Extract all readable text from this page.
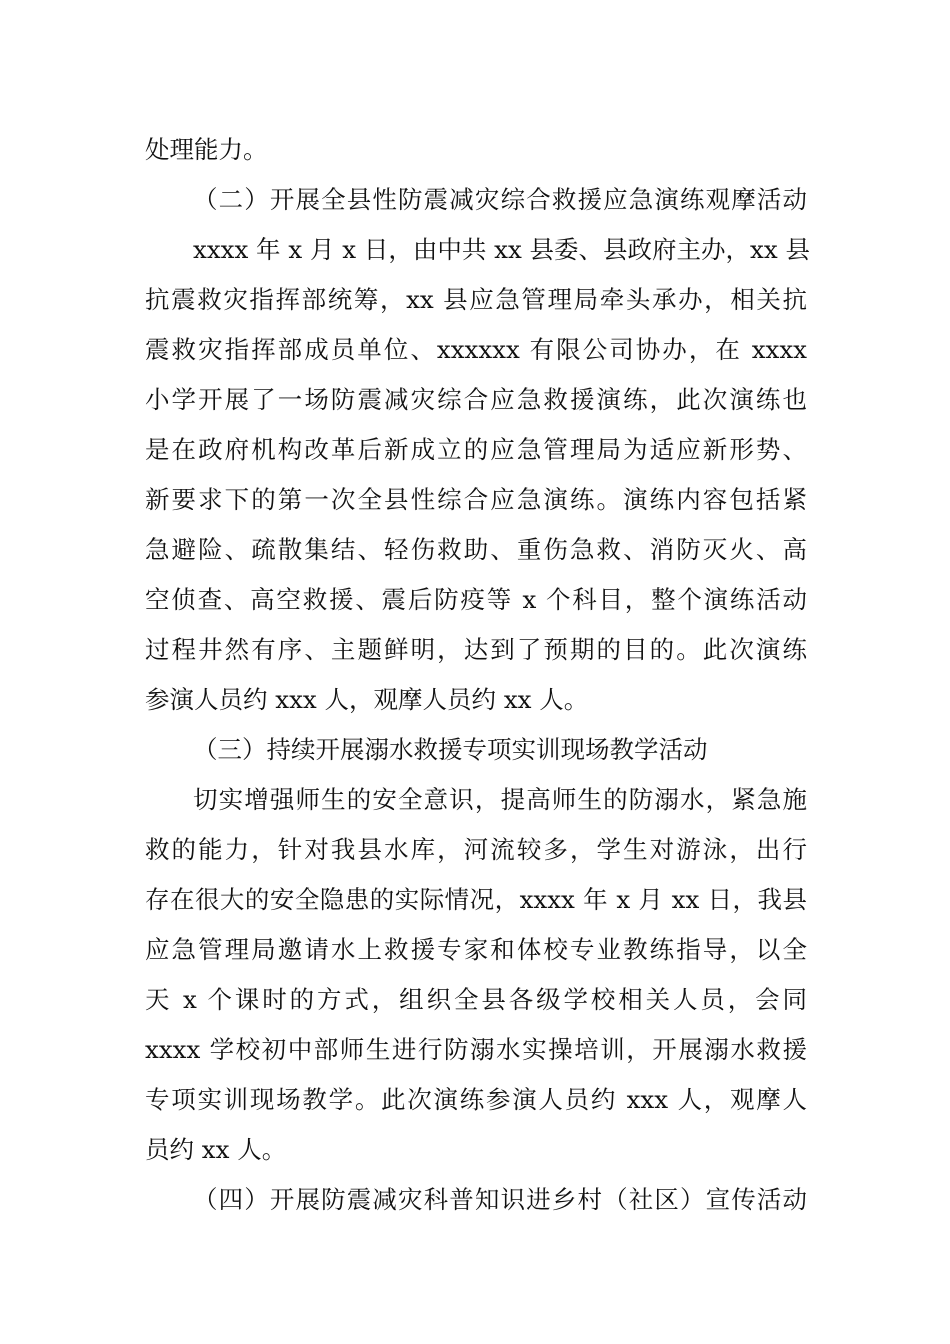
处理能力。
（二）开展全县性防震减灾综合救援应急演练观摩活动
xxxx 年 x 月 x 日，由中共 xx 县委、县政府主办，xx 县
抗震救灾指挥部统筹，xx 县应急管理局牵头承办，相关抗
震救灾指挥部成员单位、xxxxxx 有限公司协办，在 xxxx
小学开展了一场防震减灾综合应急救援演练，此次演练也
是在政府机构改革后新成立的应急管理局为适应新形势、
新要求下的第一次全县性综合应急演练。演练内容包括紧
急避险、疏散集结、轻伤救助、重伤急救、消防灭火、高
空侦查、高空救援、震后防疫等 x 个科目，整个演练活动
过程井然有序、主题鲜明，达到了预期的目的。此次演练
参演人员约 xxx 人，观摩人员约 xx 人。
（三）持续开展溺水救援专项实训现场教学活动
切实增强师生的安全意识，提高师生的防溺水，紧急施
救的能力，针对我县水库，河流较多，学生对游泳，出行
存在很大的安全隐患的实际情况，xxxx 年 x 月 xx 日，我县
应急管理局邀请水上救援专家和体校专业教练指导，以全
天 x 个课时的方式，组织全县各级学校相关人员，会同
xxxx 学校初中部师生进行防溺水实操培训，开展溺水救援
专项实训现场教学。此次演练参演人员约 xxx 人，观摩人
员约 xx 人。
（四）开展防震减灾科普知识进乡村（社区）宣传活动
